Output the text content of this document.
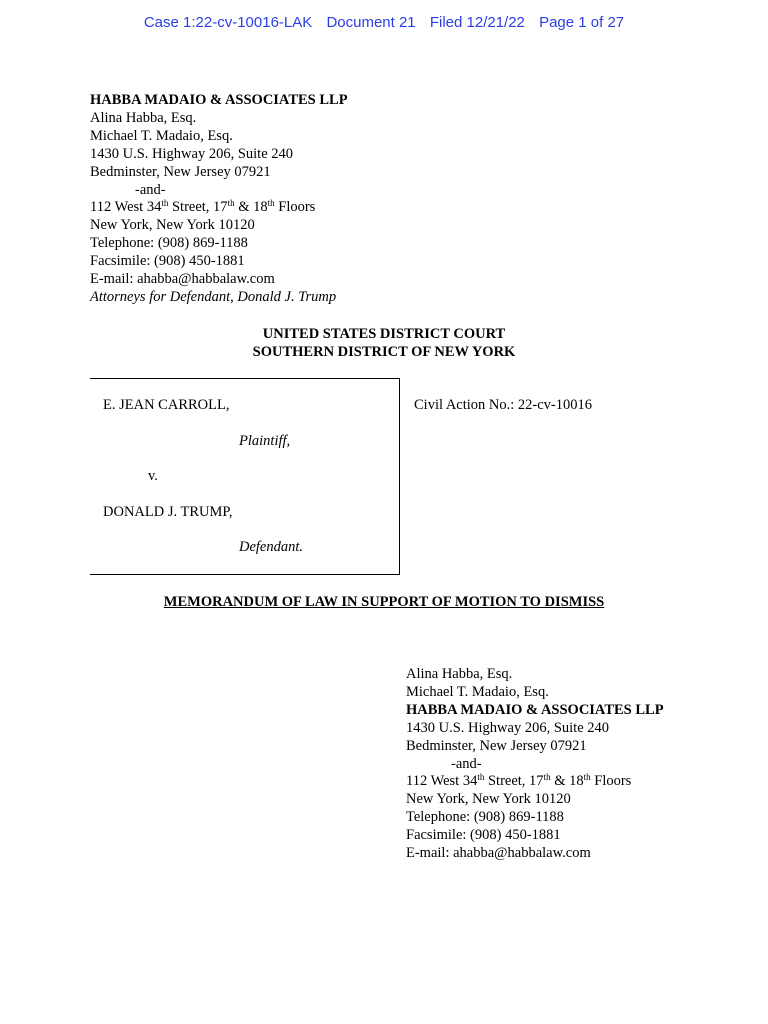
Case 1:22-cv-10016-LAK Document 21 Filed 12/21/22 Page 1 of 27
HABBA MADAIO & ASSOCIATES LLP
Alina Habba, Esq.
Michael T. Madaio, Esq.
1430 U.S. Highway 206, Suite 240
Bedminster, New Jersey 07921
-and-
112 West 34th Street, 17th & 18th Floors
New York, New York 10120
Telephone: (908) 869-1188
Facsimile: (908) 450-1881
E-mail: ahabba@habbalaw.com
Attorneys for Defendant, Donald J. Trump
UNITED STATES DISTRICT COURT
SOUTHERN DISTRICT OF NEW YORK
E. JEAN CARROLL,
Plaintiff,
v.
DONALD J. TRUMP,
Defendant.
Civil Action No.: 22-cv-10016
MEMORANDUM OF LAW IN SUPPORT OF MOTION TO DISMISS
Alina Habba, Esq.
Michael T. Madaio, Esq.
HABBA MADAIO & ASSOCIATES LLP
1430 U.S. Highway 206, Suite 240
Bedminster, New Jersey 07921
-and-
112 West 34th Street, 17th & 18th Floors
New York, New York 10120
Telephone: (908) 869-1188
Facsimile: (908) 450-1881
E-mail: ahabba@habbalaw.com
